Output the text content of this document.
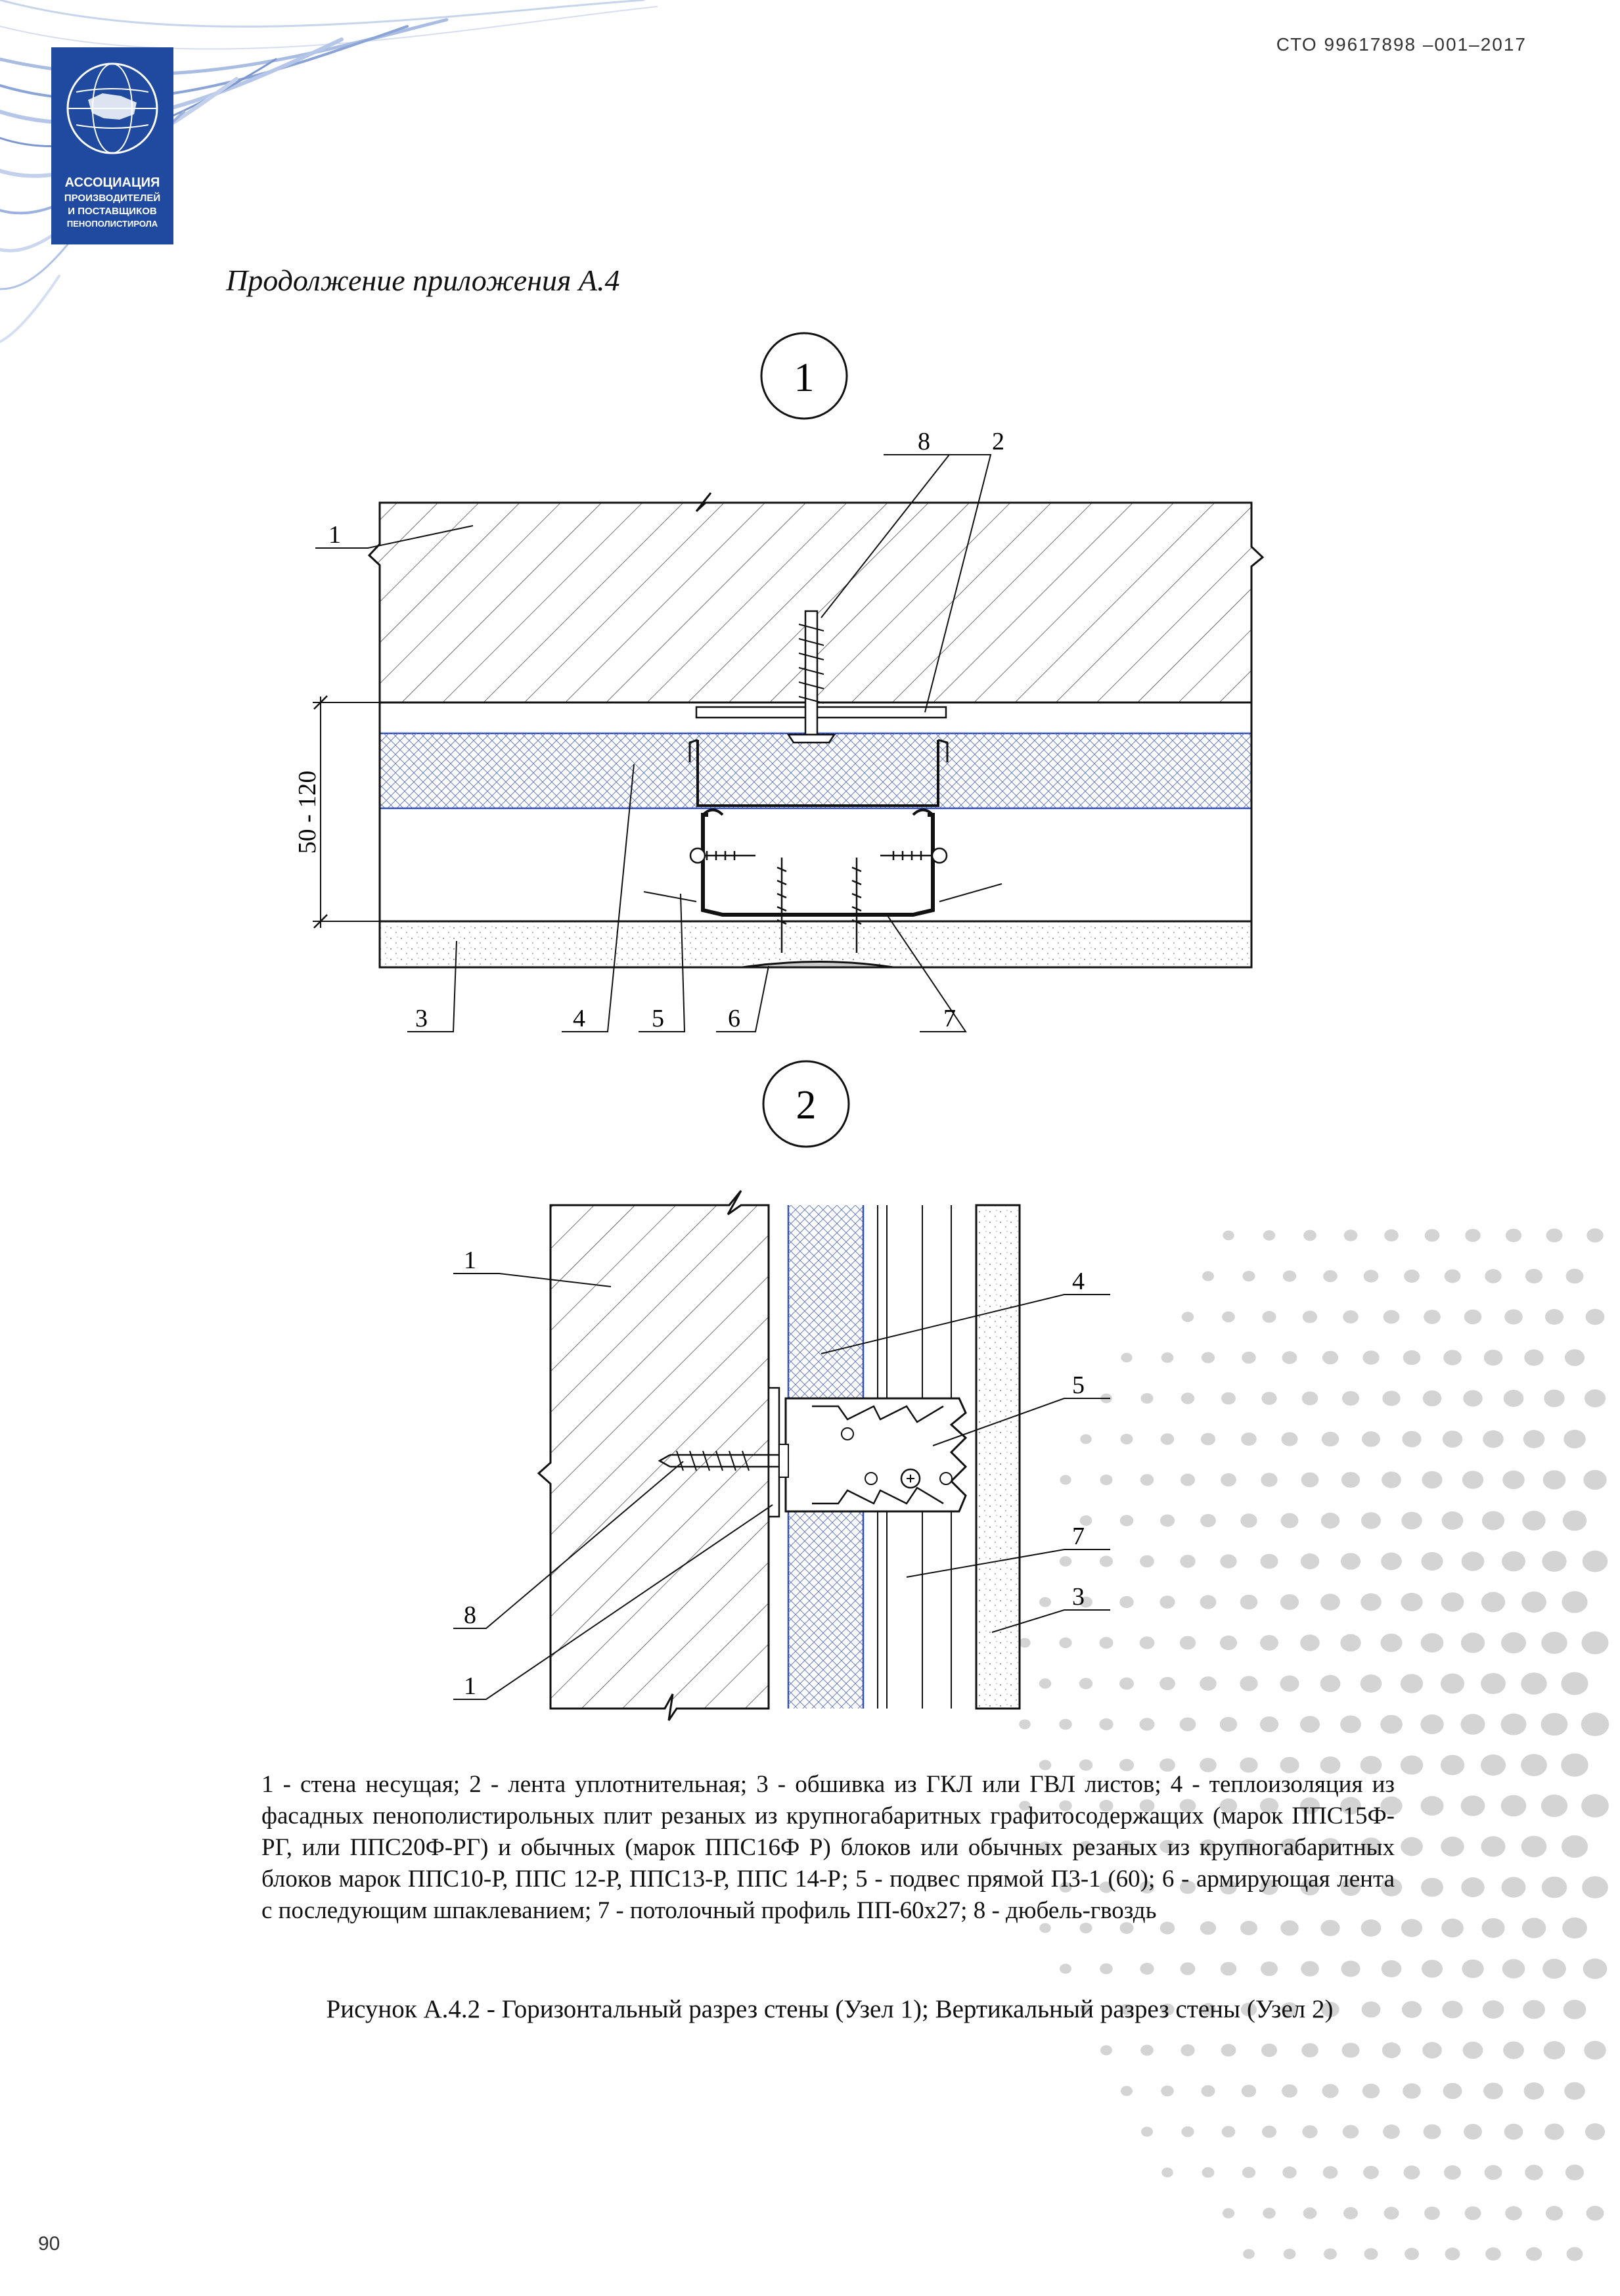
АССОЦИАЦИЯ
ПРОИЗВОДИТЕЛЕЙ
И ПОСТАВЩИКОВ
ПЕНОПОЛИСТИРОЛА
СТО 99617898 –001–2017
Продолжение приложения А.4
1
50 - 120
1
2
3	4	5	6	7
8
2
1
4
5
7
8
1
3
1 - стена несущая; 2 - лента уплотнительная; 3 - обшивка из ГКЛ или ГВЛ листов; 4 - теплоизоляция из фасадных пенополистирольных плит резаных из крупногабаритных графитосодержащих (марок ППС15Ф-РГ, или ППС20Ф-РГ) и обычных (марок ППС16Ф Р) блоков или обычных резаных из крупногабаритных блоков марок ППС10-Р, ППС 12-Р, ППС13-Р, ППС 14-Р; 5 - подвес прямой П3-1 (60); 6 - армирующая лента с последующим шпаклеванием; 7 - потолочный профиль ПП-60х27; 8 - дюбель-гвоздь
Рисунок А.4.2 - Горизонтальный разрез стены (Узел 1); Вертикальный разрез стены (Узел 2)
90
